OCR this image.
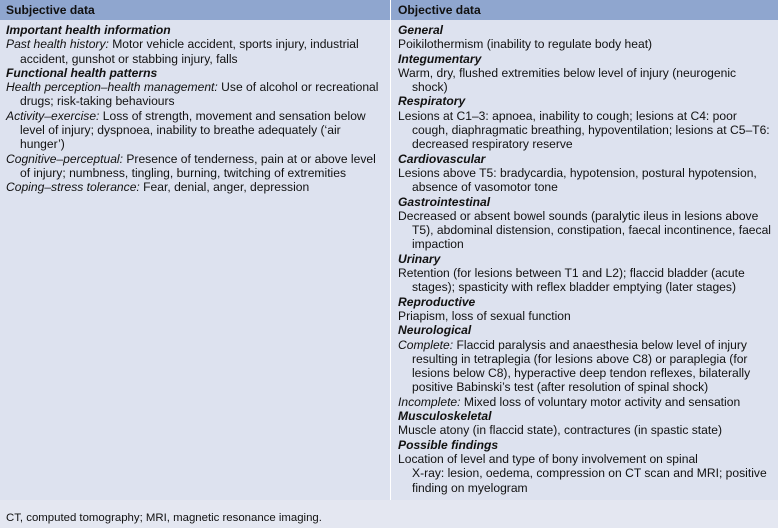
Subjective data	Objective data
Important health information
Past health history: Motor vehicle accident, sports injury, industrial accident, gunshot or stabbing injury, falls
Functional health patterns
Health perception–health management: Use of alcohol or recreational drugs; risk-taking behaviours
Activity–exercise: Loss of strength, movement and sensation below level of injury; dyspnoea, inability to breathe adequately (‘air hunger’)
Cognitive–perceptual: Presence of tenderness, pain at or above level of injury; numbness, tingling, burning, twitching of extremities
Coping–stress tolerance: Fear, denial, anger, depression
General
Poikilothermism (inability to regulate body heat)
Integumentary
Warm, dry, flushed extremities below level of injury (neurogenic shock)
Respiratory
Lesions at C1–3: apnoea, inability to cough; lesions at C4: poor cough, diaphragmatic breathing, hypoventilation; lesions at C5–T6: decreased respiratory reserve
Cardiovascular
Lesions above T5: bradycardia, hypotension, postural hypotension, absence of vasomotor tone
Gastrointestinal
Decreased or absent bowel sounds (paralytic ileus in lesions above T5), abdominal distension, constipation, faecal incontinence, faecal impaction
Urinary
Retention (for lesions between T1 and L2); flaccid bladder (acute stages); spasticity with reflex bladder emptying (later stages)
Reproductive
Priapism, loss of sexual function
Neurological
Complete: Flaccid paralysis and anaesthesia below level of injury resulting in tetraplegia (for lesions above C8) or paraplegia (for lesions below C8), hyperactive deep tendon reflexes, bilaterally positive Babinski’s test (after resolution of spinal shock)
Incomplete: Mixed loss of voluntary motor activity and sensation
Musculoskeletal
Muscle atony (in flaccid state), contractures (in spastic state)
Possible findings
Location of level and type of bony involvement on spinal
X-ray: lesion, oedema, compression on CT scan and MRI; positive finding on myelogram
CT, computed tomography; MRI, magnetic resonance imaging.
